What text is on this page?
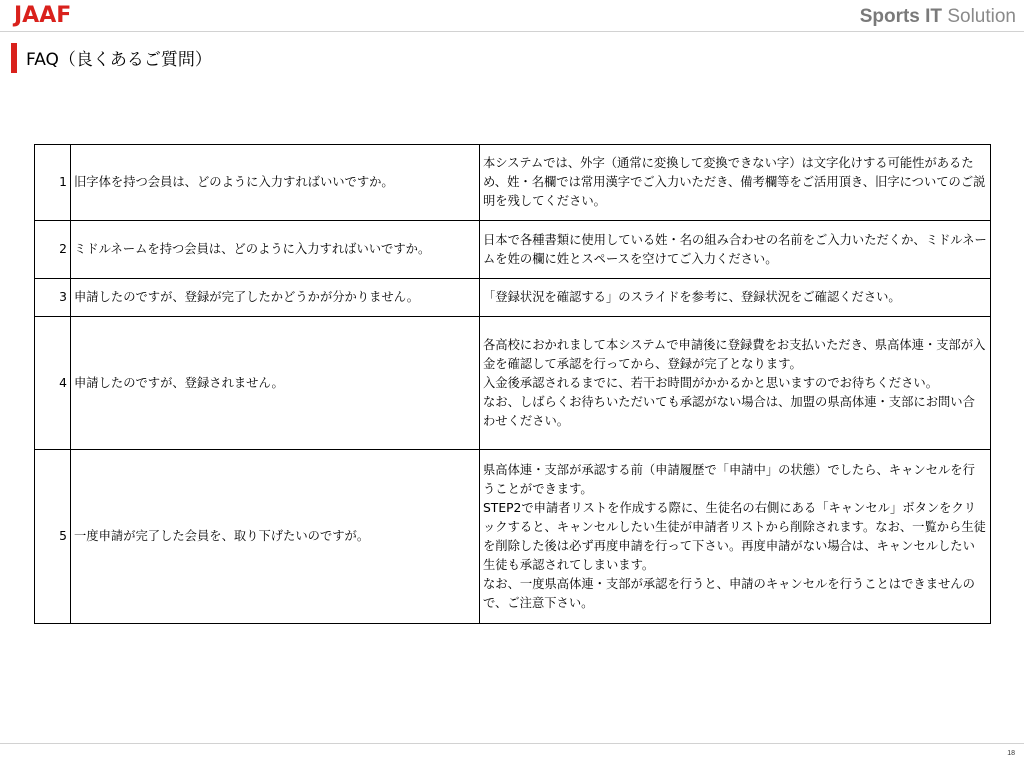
JAAF	Sports IT Solution
FAQ（良くあるご質問）
1	旧字体を持つ会員は、どのように入力すればいいですか。	本システムでは、外字（通常に変換して変換できない字）は文字化けする可能性があるため、姓・名欄では常用漢字でご入力いただき、備考欄等をご活用頂き、旧字についてのご説明を残してください。

2	ミドルネームを持つ会員は、どのように入力すればいいですか。	日本で各種書類に使用している姓・名の組み合わせの名前をご入力いただくか、ミドルネームを姓の欄に姓とスペースを空けてご入力ください。

3	申請したのですが、登録が完了したかどうかが分かりません。	「登録状況を確認する」のスライドを参考に、登録状況をご確認ください。

4	申請したのですが、登録されません。	各高校におかれまして本システムで申請後に登録費をお支払いただき、県高体連・支部が入金を確認して承認を行ってから、登録が完了となります。
入金後承認されるまでに、若干お時間がかかるかと思いますのでお待ちください。
なお、しばらくお待ちいただいても承認がない場合は、加盟の県高体連・支部にお問い合わせください。

5	一度申請が完了した会員を、取り下げたいのですが。	県高体連・支部が承認する前（申請履歴で「申請中」の状態）でしたら、キャンセルを行うことができます。
STEP2で申請者リストを作成する際に、生徒名の右側にある「キャンセル」ボタンをクリックすると、キャンセルしたい生徒が申請者リストから削除されます。なお、一覧から生徒を削除した後は必ず再度申請を行って下さい。再度申請がない場合は、キャンセルしたい生徒も承認されてしまいます。
なお、一度県高体連・支部が承認を行うと、申請のキャンセルを行うことはできませんので、ご注意下さい。
18
